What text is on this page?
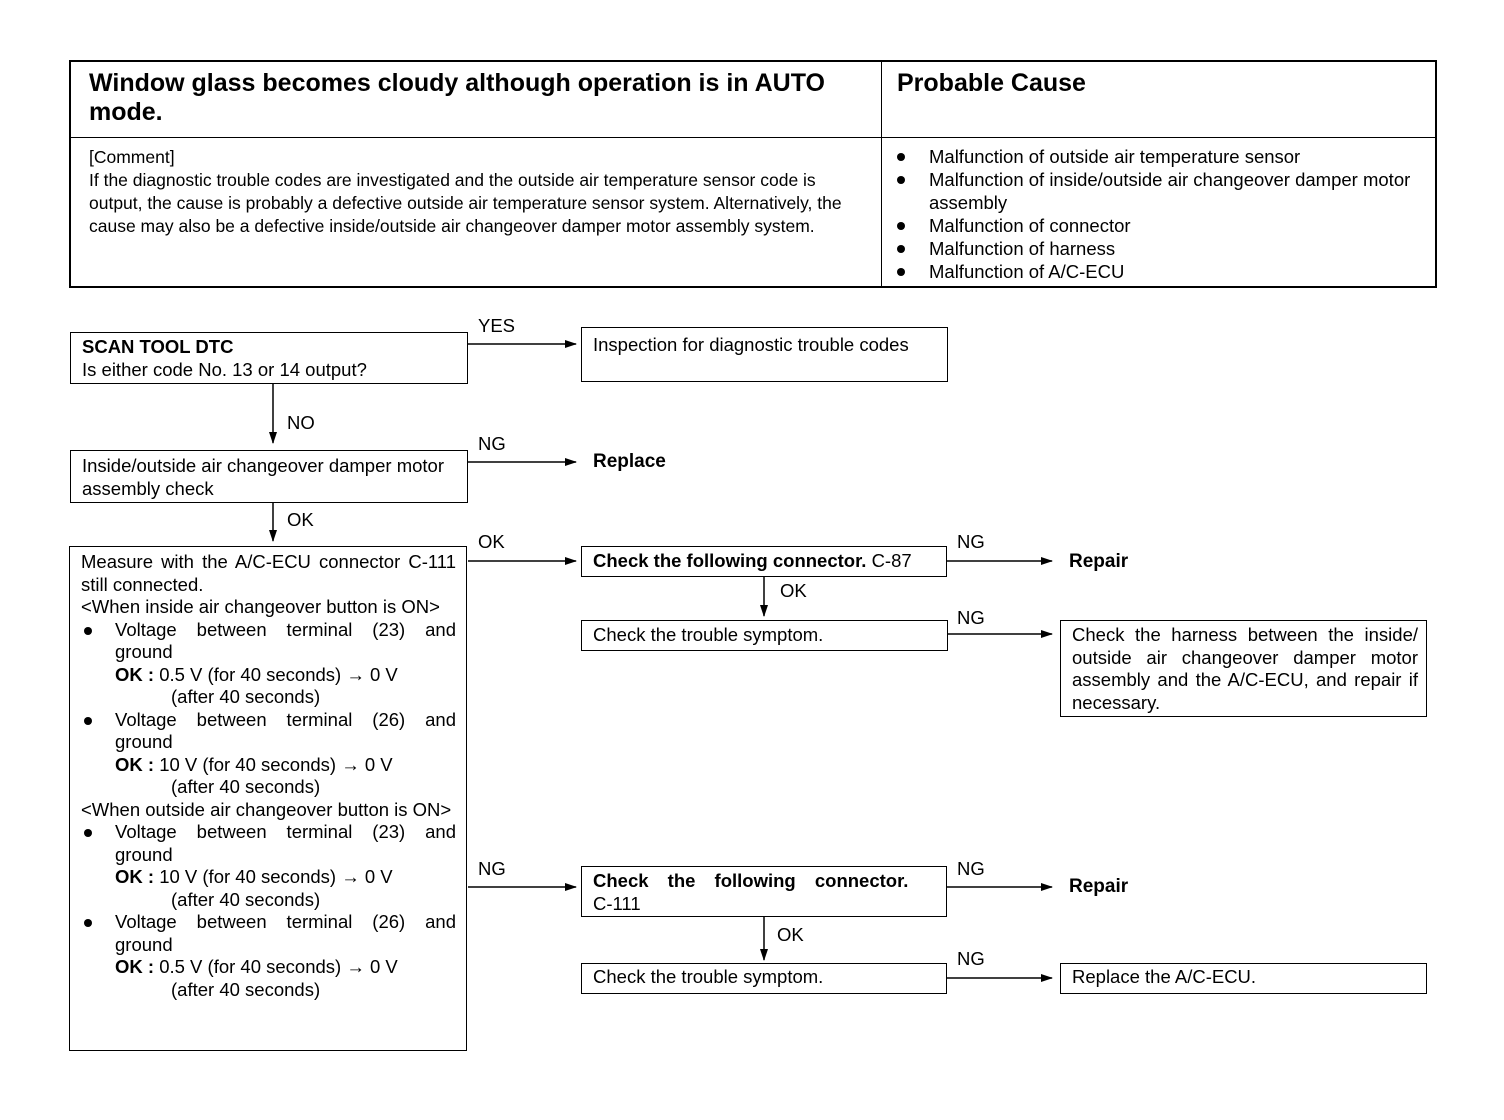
Window glass becomes cloudy although operation is in AUTO mode.
Probable Cause

[Comment]

If the diagnostic trouble codes are investigated and the outside air temperature sensor code is output, the cause is probably a defective outside air temperature sensor system. Alternatively, the cause may also be a defective inside/outside air changeover damper motor assembly system.

Malfunction of outside air temperature sensor
Malfunction of inside/outside air changeover damper motor assembly
Malfunction of connector
Malfunction of harness
Malfunction of A/C-ECU
SCAN TOOL DTC
Is either code No. 13 or 14 output?
YES
Inspection for diagnostic trouble codes
NO
Inside/outside air changeover damper motor assembly check
NG
Replace
OK
Measure with the A/C-ECU connector C-111 still connected.
<When inside air changeover button is ON>
Voltage between terminal (23) and ground
OK : 0.5 V (for 40 seconds) → 0 V
(after 40 seconds)
Voltage between terminal (26) and ground
OK : 10 V (for 40 seconds) → 0 V
(after 40 seconds)
<When outside air changeover button is ON>
Voltage between terminal (23) and ground
OK : 10 V (for 40 seconds) → 0 V
(after 40 seconds)
Voltage between terminal (26) and ground
OK : 0.5 V (for 40 seconds) → 0 V
(after 40 seconds)
OK
Check the following connector. C-87
NG
Repair
OK
Check the trouble symptom.
NG
Check the harness between the inside/ outside air changeover damper motor assembly and the A/C-ECU, and repair if necessary.
NG
Check the following connector.
C-111
NG
Repair
OK
Check the trouble symptom.
NG
Replace the A/C-ECU.
